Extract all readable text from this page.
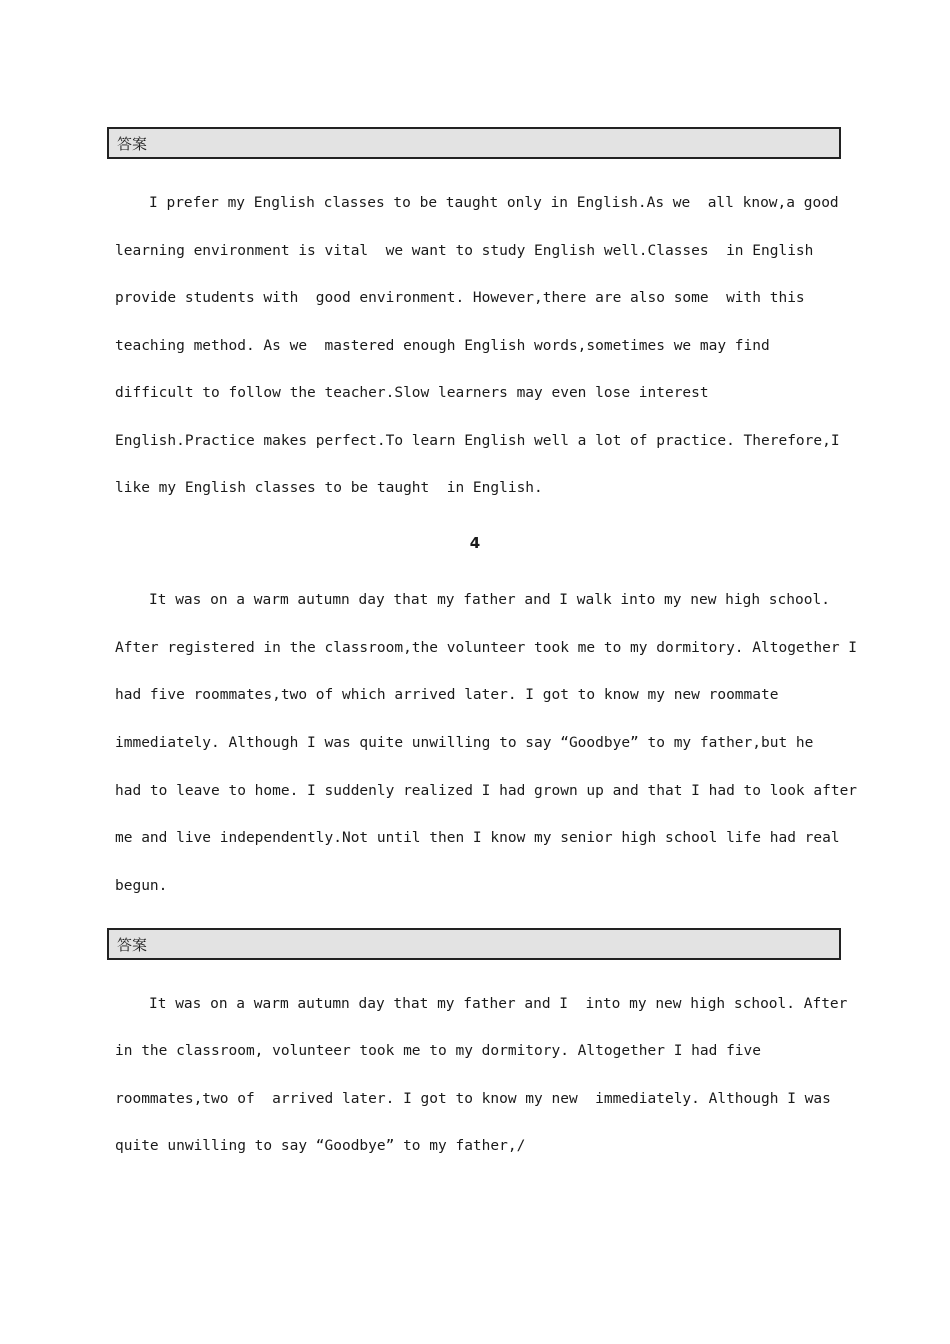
答案
I prefer my English classes to be taught only in English.As we  all know,a good
learning environment is vital  we want to study English well.Classes  in English
provide students with  good environment. However,there are also some  with this
teaching method. As we  mastered enough English words,sometimes we may find
difficult to follow the teacher.Slow learners may even lose interest
English.Practice makes perfect.To learn English well a lot of practice. Therefore,I
like my English classes to be taught  in English.
4
It was on a warm autumn day that my father and I walk into my new high school.
After registered in the classroom,the volunteer took me to my dormitory. Altogether I
had five roommates,two of which arrived later. I got to know my new roommate
immediately. Although I was quite unwilling to say “Goodbye” to my father,but he
had to leave to home. I suddenly realized I had grown up and that I had to look after
me and live independently.Not until then I know my senior high school life had real
begun.
答案
It was on a warm autumn day that my father and I  into my new high school. After
in the classroom, volunteer took me to my dormitory. Altogether I had five
roommates,two of  arrived later. I got to know my new  immediately. Although I was
quite unwilling to say “Goodbye” to my father,/
